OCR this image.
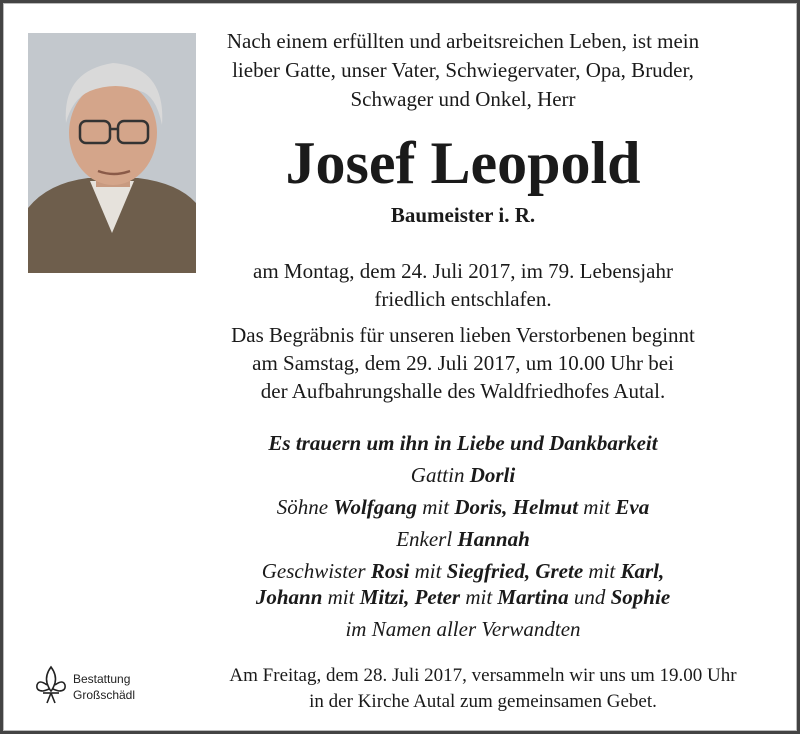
Nach einem erfüllten und arbeitsreichen Leben, ist mein
lieber Gatte, unser Vater, Schwiegervater, Opa, Bruder,
Schwager und Onkel, Herr
Josef Leopold
Baumeister i. R.
am Montag, dem 24. Juli 2017, im 79. Lebensjahr
friedlich entschlafen.
Das Begräbnis für unseren lieben Verstorbenen beginnt
am Samstag, dem 29. Juli 2017, um 10.00 Uhr bei
der Aufbahrungshalle des Waldfriedhofes Autal.
Es trauern um ihn in Liebe und Dankbarkeit
Gattin Dorli
Söhne Wolfgang mit Doris, Helmut mit Eva
Enkerl Hannah
Geschwister Rosi mit Siegfried, Grete mit Karl,
Johann mit Mitzi, Peter mit Martina und Sophie
im Namen aller Verwandten
Bestattung
Großschädl
Am Freitag, dem 28. Juli 2017, versammeln wir uns um 19.00 Uhr
in der Kirche Autal zum gemeinsamen Gebet.
